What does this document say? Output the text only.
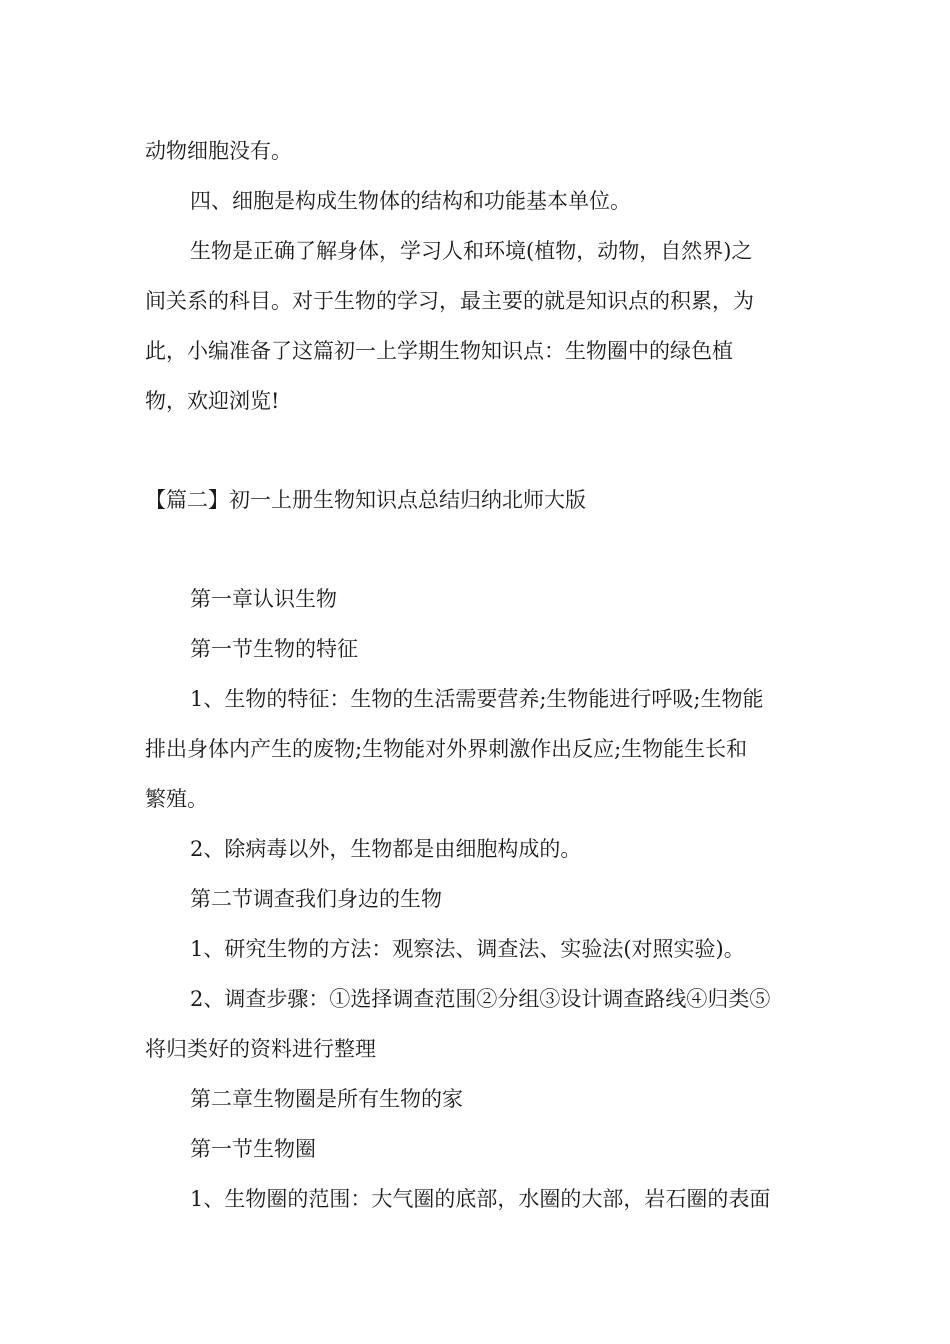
动物细胞没有。
四、细胞是构成生物体的结构和功能基本单位。
生物是正确了解身体，学习人和环境(植物，动物，自然界)之
间关系的科目。对于生物的学习，最主要的就是知识点的积累，为
此，小编准备了这篇初一上学期生物知识点：生物圈中的绿色植
物，欢迎浏览!
【篇二】初一上册生物知识点总结归纳北师大版
第一章认识生物
第一节生物的特征
1、生物的特征：生物的生活需要营养;生物能进行呼吸;生物能
排出身体内产生的废物;生物能对外界刺激作出反应;生物能生长和
繁殖。
2、除病毒以外，生物都是由细胞构成的。
第二节调查我们身边的生物
1、研究生物的方法：观察法、调查法、实验法(对照实验)。
2、调查步骤：①选择调查范围②分组③设计调查路线④归类⑤
将归类好的资料进行整理
第二章生物圈是所有生物的家
第一节生物圈
1、生物圈的范围：大气圈的底部，水圈的大部，岩石圈的表面
